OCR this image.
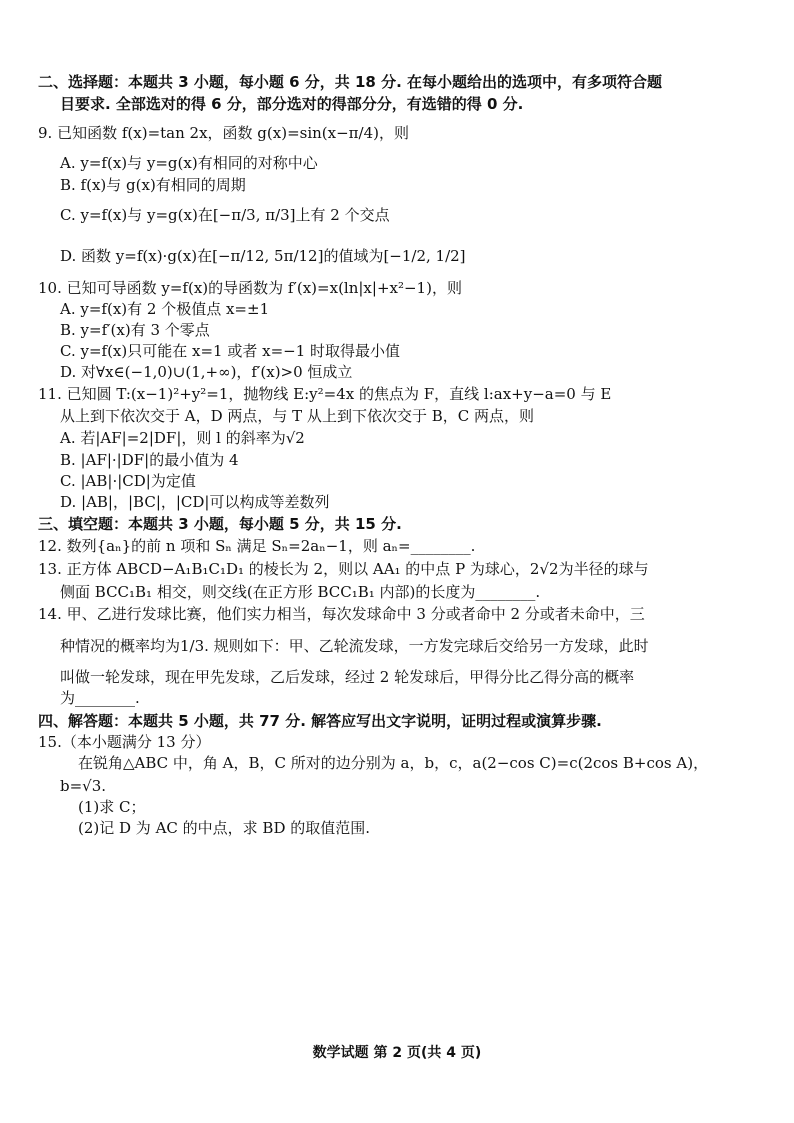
二、选择题：本题共 3 小题，每小题 6 分，共 18 分. 在每小题给出的选项中，有多项符合题
目要求. 全部选对的得 6 分，部分选对的得部分分，有选错的得 0 分.
9. 已知函数 f(x)=tan 2x，函数 g(x)=sin(x−π/4)，则
A. y=f(x)与 y=g(x)有相同的对称中心
B. f(x)与 g(x)有相同的周期
C. y=f(x)与 y=g(x)在[−π/3, π/3]上有 2 个交点
D. 函数 y=f(x)·g(x)在[−π/12, 5π/12]的值域为[−1/2, 1/2]
10. 已知可导函数 y=f(x)的导函数为 f′(x)=x(ln|x|+x²−1)，则
A. y=f(x)有 2 个极值点 x=±1
B. y=f′(x)有 3 个零点
C. y=f(x)只可能在 x=1 或者 x=−1 时取得最小值
D. 对∀x∈(−1,0)∪(1,+∞)，f′(x)>0 恒成立
11. 已知圆 T:(x−1)²+y²=1，抛物线 E:y²=4x 的焦点为 F，直线 l:ax+y−a=0 与 E
从上到下依次交于 A，D 两点，与 T 从上到下依次交于 B，C 两点，则
A. 若|AF|=2|DF|，则 l 的斜率为√2
B. |AF|·|DF|的最小值为 4
C. |AB|·|CD|为定值
D. |AB|，|BC|，|CD|可以构成等差数列
三、填空题：本题共 3 小题，每小题 5 分，共 15 分.
12. 数列{aₙ}的前 n 项和 Sₙ 满足 Sₙ=2aₙ−1，则 aₙ=________.
13. 正方体 ABCD−A₁B₁C₁D₁ 的棱长为 2，则以 AA₁ 的中点 P 为球心，2√2为半径的球与
侧面 BCC₁B₁ 相交，则交线(在正方形 BCC₁B₁ 内部)的长度为________.
14. 甲、乙进行发球比赛，他们实力相当，每次发球命中 3 分或者命中 2 分或者未命中，三
种情况的概率均为1/3. 规则如下：甲、乙轮流发球，一方发完球后交给另一方发球，此时
叫做一轮发球，现在甲先发球，乙后发球，经过 2 轮发球后，甲得分比乙得分高的概率
为________.
四、解答题：本题共 5 小题，共 77 分. 解答应写出文字说明，证明过程或演算步骤.
15.（本小题满分 13 分）
在锐角△ABC 中，角 A，B，C 所对的边分别为 a，b，c，a(2−cos C)=c(2cos B+cos A)，
b=√3.
(1)求 C；
(2)记 D 为 AC 的中点，求 BD 的取值范围.
数学试题 第 2 页(共 4 页)
